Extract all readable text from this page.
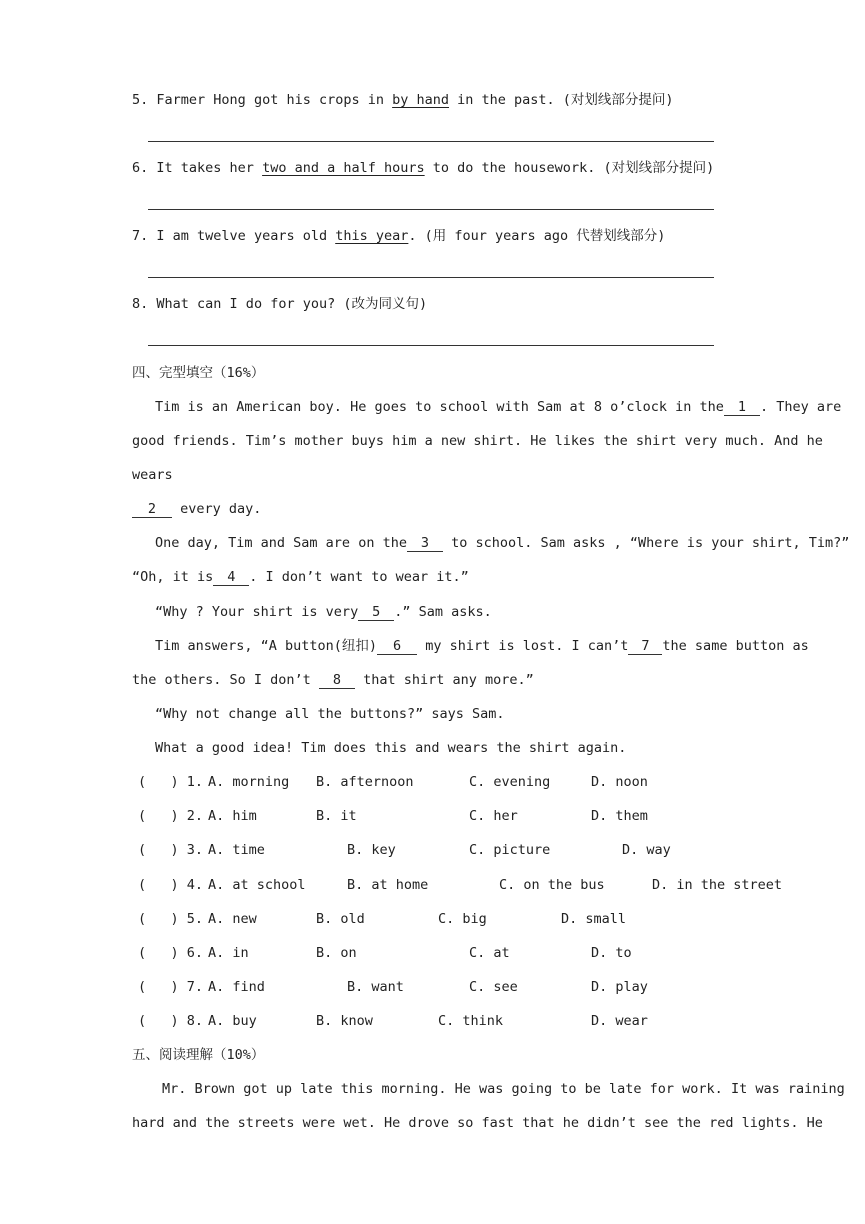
5. Farmer Hong got his crops in by hand in the past. (对划线部分提问)
6. It takes her two and a half hours to do the housework. (对划线部分提问)
7. I am twelve years old this year. (用 four years ago 代替划线部分)
8. What can I do for you? (改为同义句)
四、完型填空（16%）
Tim is an American boy. He goes to school with Sam at 8 o’clock in the 1 . They are
good friends. Tim’s mother buys him a new shirt. He likes the shirt very much. And he
wears
2 every day.
One day, Tim and Sam are on the 3 to school. Sam asks , “Where is your shirt, Tim?”
“Oh, it is 4 . I don’t want to wear it.”
“Why ? Your shirt is very 5 .” Sam asks.
Tim answers, “A button(纽扣) 6 my shirt is lost. I can’t 7 the same button as
the others. So I don’t 8 that shirt any more.”
“Why not change all the buttons?” says Sam.
What a good idea! Tim does this and wears the shirt again.
(   ) 1. A. morning B. afternoon	C. evening	D. noon
(   ) 2. A. him	B. it	C. her	D. them
(   ) 3. A. time	B. key	C. picture	D. way
(   ) 4. A. at school	B. at home	C. on the bus	D. in the street
(   ) 5. A. new	B. old	C. big	D. small
(   ) 6. A. in	B. on	C. at	D. to
(   ) 7. A. find	B. want	C. see	D. play
(   ) 8. A. buy	B. know	C. think	D. wear
五、阅读理解（10%）
Mr. Brown got up late this morning. He was going to be late for work. It was raining
hard and the streets were wet. He drove so fast that he didn’t see the red lights. He
